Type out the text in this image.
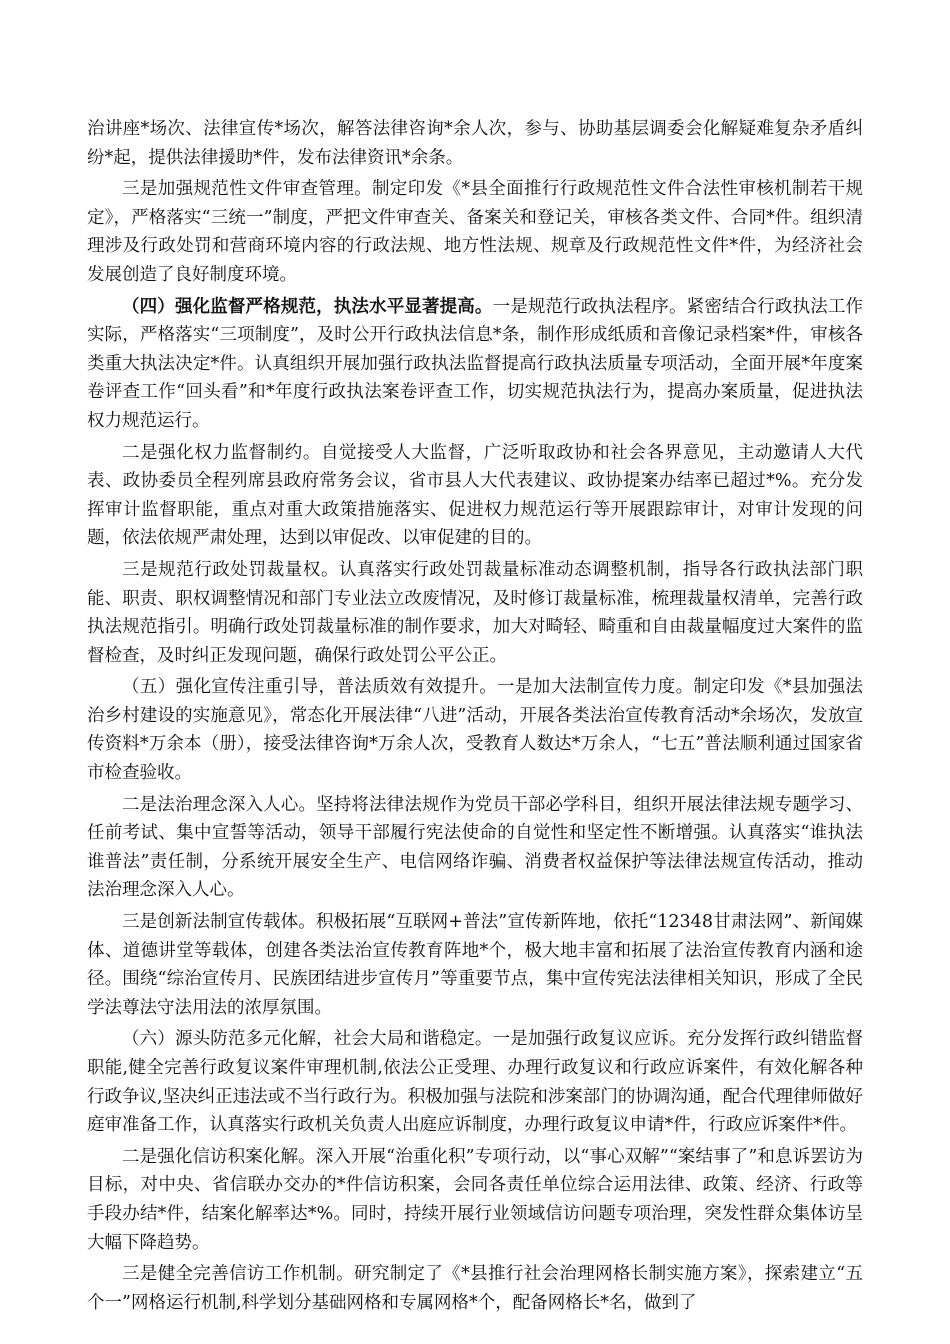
治讲座*场次、法律宣传*场次，解答法律咨询*余人次，参与、协助基层调委会化解疑难复杂矛盾纠纷*起，提供法律援助*件，发布法律资讯*余条。

三是加强规范性文件审查管理。制定印发《*县全面推行行政规范性文件合法性审核机制若干规定》，严格落实“三统一”制度，严把文件审查关、备案关和登记关，审核各类文件、合同*件。组织清理涉及行政处罚和营商环境内容的行政法规、地方性法规、规章及行政规范性文件*件，为经济社会发展创造了良好制度环境。

（四）强化监督严格规范，执法水平显著提高。一是规范行政执法程序。紧密结合行政执法工作实际，严格落实“三项制度”，及时公开行政执法信息*条，制作形成纸质和音像记录档案*件，审核各类重大执法决定*件。认真组织开展加强行政执法监督提高行政执法质量专项活动，全面开展*年度案卷评查工作“回头看”和*年度行政执法案卷评查工作，切实规范执法行为，提高办案质量，促进执法权力规范运行。

二是强化权力监督制约。自觉接受人大监督，广泛听取政协和社会各界意见，主动邀请人大代表、政协委员全程列席县政府常务会议，省市县人大代表建议、政协提案办结率已超过*%。充分发挥审计监督职能，重点对重大政策措施落实、促进权力规范运行等开展跟踪审计，对审计发现的问题，依法依规严肃处理，达到以审促改、以审促建的目的。

三是规范行政处罚裁量权。认真落实行政处罚裁量标准动态调整机制，指导各行政执法部门职能、职责、职权调整情况和部门专业法立改废情况，及时修订裁量标准，梳理裁量权清单，完善行政执法规范指引。明确行政处罚裁量标准的制作要求，加大对畸轻、畸重和自由裁量幅度过大案件的监督检查，及时纠正发现问题，确保行政处罚公平公正。

（五）强化宣传注重引导，普法质效有效提升。一是加大法制宣传力度。制定印发《*县加强法治乡村建设的实施意见》，常态化开展法律“八进”活动，开展各类法治宣传教育活动*余场次，发放宣传资料*万余本（册），接受法律咨询*万余人次，受教育人数达*万余人，“七五”普法顺利通过国家省市检查验收。

二是法治理念深入人心。坚持将法律法规作为党员干部必学科目，组织开展法律法规专题学习、任前考试、集中宣誓等活动，领导干部履行宪法使命的自觉性和坚定性不断增强。认真落实“谁执法谁普法”责任制，分系统开展安全生产、电信网络诈骗、消费者权益保护等法律法规宣传活动，推动法治理念深入人心。

三是创新法制宣传载体。积极拓展“互联网+普法”宣传新阵地，依托“12348甘肃法网”、新闻媒体、道德讲堂等载体，创建各类法治宣传教育阵地*个，极大地丰富和拓展了法治宣传教育内涵和途径。围绕“综治宣传月、民族团结进步宣传月”等重要节点，集中宣传宪法法律相关知识，形成了全民学法尊法守法用法的浓厚氛围。

（六）源头防范多元化解，社会大局和谐稳定。一是加强行政复议应诉。充分发挥行政纠错监督职能,健全完善行政复议案件审理机制,依法公正受理、办理行政复议和行政应诉案件，有效化解各种行政争议,坚决纠正违法或不当行政行为。积极加强与法院和涉案部门的协调沟通，配合代理律师做好庭审准备工作，认真落实行政机关负责人出庭应诉制度，办理行政复议申请*件，行政应诉案件*件。

二是强化信访积案化解。深入开展“治重化积”专项行动，以“事心双解”“案结事了”和息诉罢访为目标，对中央、省信联办交办的*件信访积案，会同各责任单位综合运用法律、政策、经济、行政等手段办结*件，结案化解率达*%。同时，持续开展行业领域信访问题专项治理，突发性群众集体访呈大幅下降趋势。

三是健全完善信访工作机制。研究制定了《*县推行社会治理网格长制实施方案》，探索建立“五个一”网格运行机制,科学划分基础网格和专属网格*个，配备网格长*名，做到了
